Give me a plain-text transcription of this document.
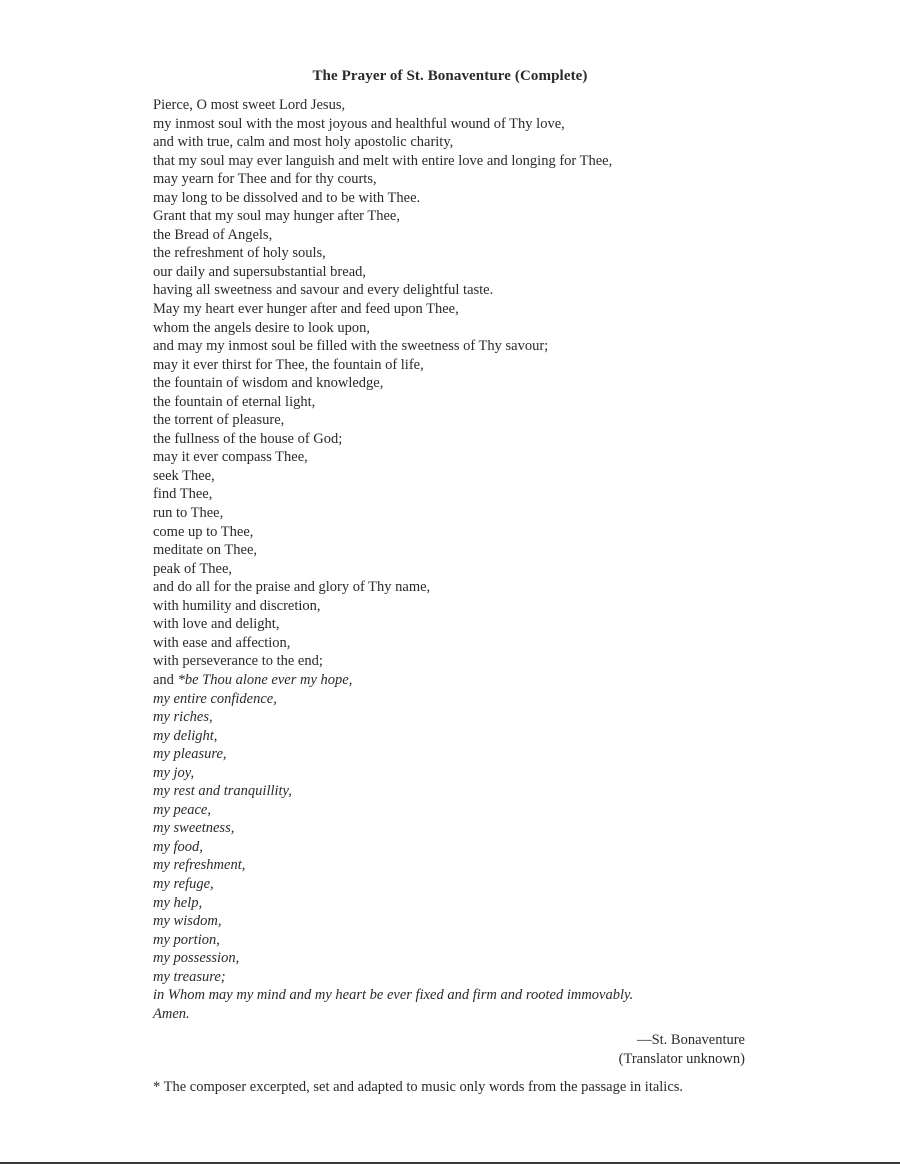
The Prayer of St. Bonaventure (Complete)
Pierce, O most sweet Lord Jesus,
my inmost soul with the most joyous and healthful wound of Thy love,
and with true, calm and most holy apostolic charity,
that my soul may ever languish and melt with entire love and longing for Thee,
may yearn for Thee and for thy courts,
may long to be dissolved and to be with Thee.
Grant that my soul may hunger after Thee,
the Bread of Angels,
the refreshment of holy souls,
our daily and supersubstantial bread,
having all sweetness and savour and every delightful taste.
May my heart ever hunger after and feed upon Thee,
whom the angels desire to look upon,
and may my inmost soul be filled with the sweetness of Thy savour;
may it ever thirst for Thee, the fountain of life,
the fountain of wisdom and knowledge,
the fountain of eternal light,
the torrent of pleasure,
the fullness of the house of God;
may it ever compass Thee,
seek Thee,
find Thee,
run to Thee,
come up to Thee,
meditate on Thee,
peak of Thee,
and do all for the praise and glory of Thy name,
with humility and discretion,
with love and delight,
with ease and affection,
with perseverance to the end;
and *be Thou alone ever my hope,
my entire confidence,
my riches,
my delight,
my pleasure,
my joy,
my rest and tranquillity,
my peace,
my sweetness,
my food,
my refreshment,
my refuge,
my help,
my wisdom,
my portion,
my possession,
my treasure;
in Whom may my mind and my heart be ever fixed and firm and rooted immovably.
Amen.
—St. Bonaventure
(Translator unknown)
* The composer excerpted, set and adapted to music only words from the passage in italics.
